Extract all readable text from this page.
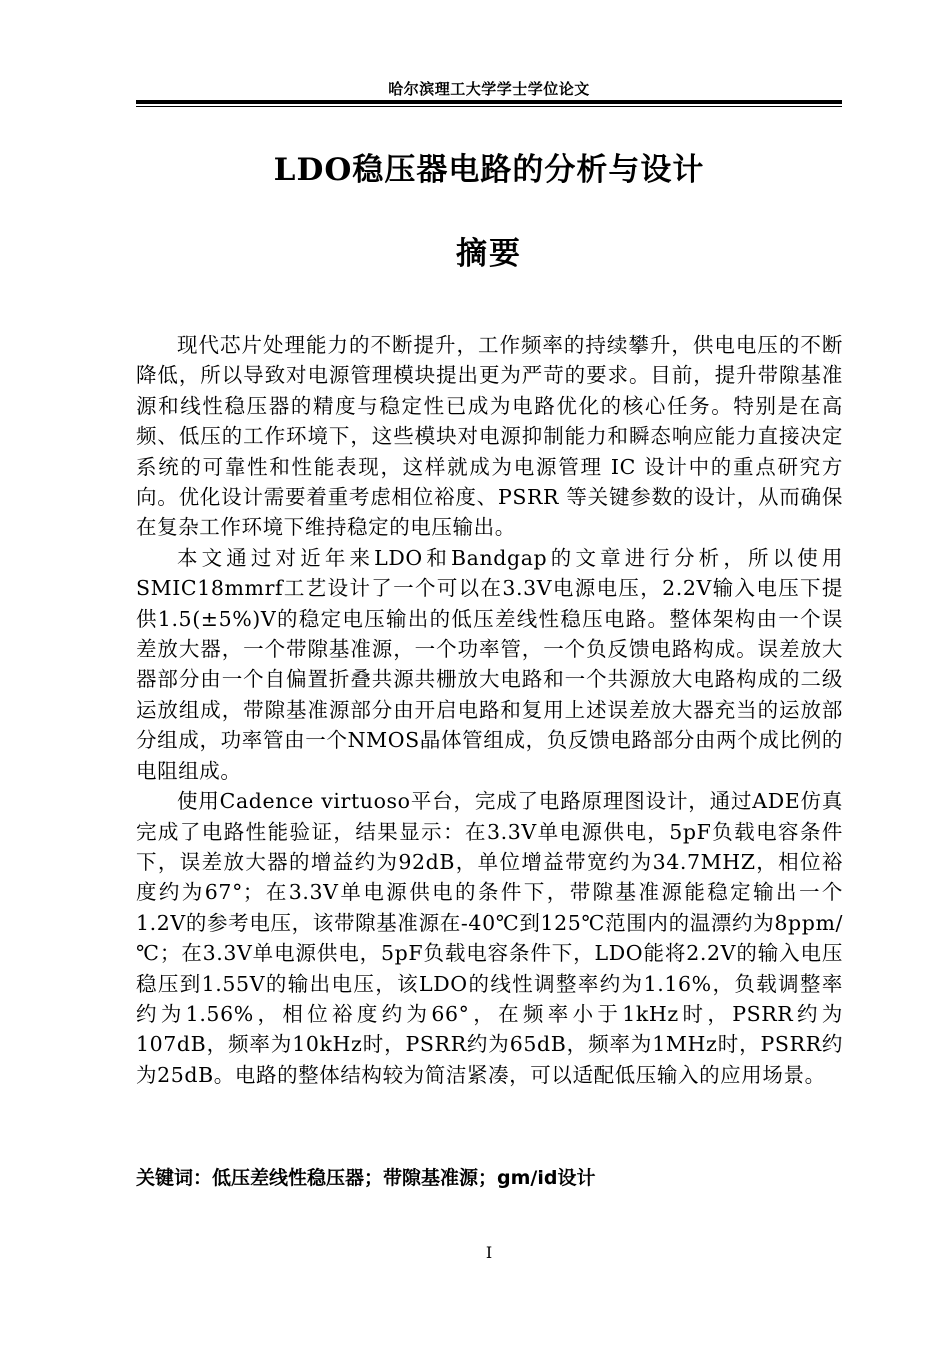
哈尔滨理工大学学士学位论文
LDO稳压器电路的分析与设计
摘要

现代芯片处理能力的不断提升，工作频率的持续攀升，供电电压的不断降低，所以导致对电源管理模块提出更为严苛的要求。目前，提升带隙基准源和线性稳压器的精度与稳定性已成为电路优化的核心任务。特别是在高频、低压的工作环境下，这些模块对电源抑制能力和瞬态响应能力直接决定系统的可靠性和性能表现，这样就成为电源管理 IC 设计中的重点研究方向。优化设计需要着重考虑相位裕度、PSRR 等关键参数的设计，从而确保在复杂工作环境下维持稳定的电压输出。

本文通过对近年来LDO和Bandgap的文章进行分析，所以使用SMIC18mmrf工艺设计了一个可以在3.3V电源电压，2.2V输入电压下提供1.5(±5%)V的稳定电压输出的低压差线性稳压电路。整体架构由一个误差放大器，一个带隙基准源，一个功率管，一个负反馈电路构成。误差放大器部分由一个自偏置折叠共源共栅放大电路和一个共源放大电路构成的二级运放组成，带隙基准源部分由开启电路和复用上述误差放大器充当的运放部分组成，功率管由一个NMOS晶体管组成，负反馈电路部分由两个成比例的电阻组成。

使用Cadence virtuoso平台，完成了电路原理图设计，通过ADE仿真完成了电路性能验证，结果显示：在3.3V单电源供电，5pF负载电容条件下，误差放大器的增益约为92dB，单位增益带宽约为34.7MHZ，相位裕度约为67°；在3.3V单电源供电的条件下，带隙基准源能稳定输出一个1.2V的参考电压，该带隙基准源在-40℃到125℃范围内的温漂约为8ppm/℃；在3.3V单电源供电，5pF负载电容条件下，LDO能将2.2V的输入电压稳压到1.55V的输出电压，该LDO的线性调整率约为1.16%，负载调整率约为1.56%，相位裕度约为66°，在频率小于1kHz时，PSRR约为107dB，频率为10kHz时，PSRR约为65dB，频率为1MHz时，PSRR约为25dB。电路的整体结构较为简洁紧凑，可以适配低压输入的应用场景。

关键词：低压差线性稳压器；带隙基准源；gm/id设计
I
